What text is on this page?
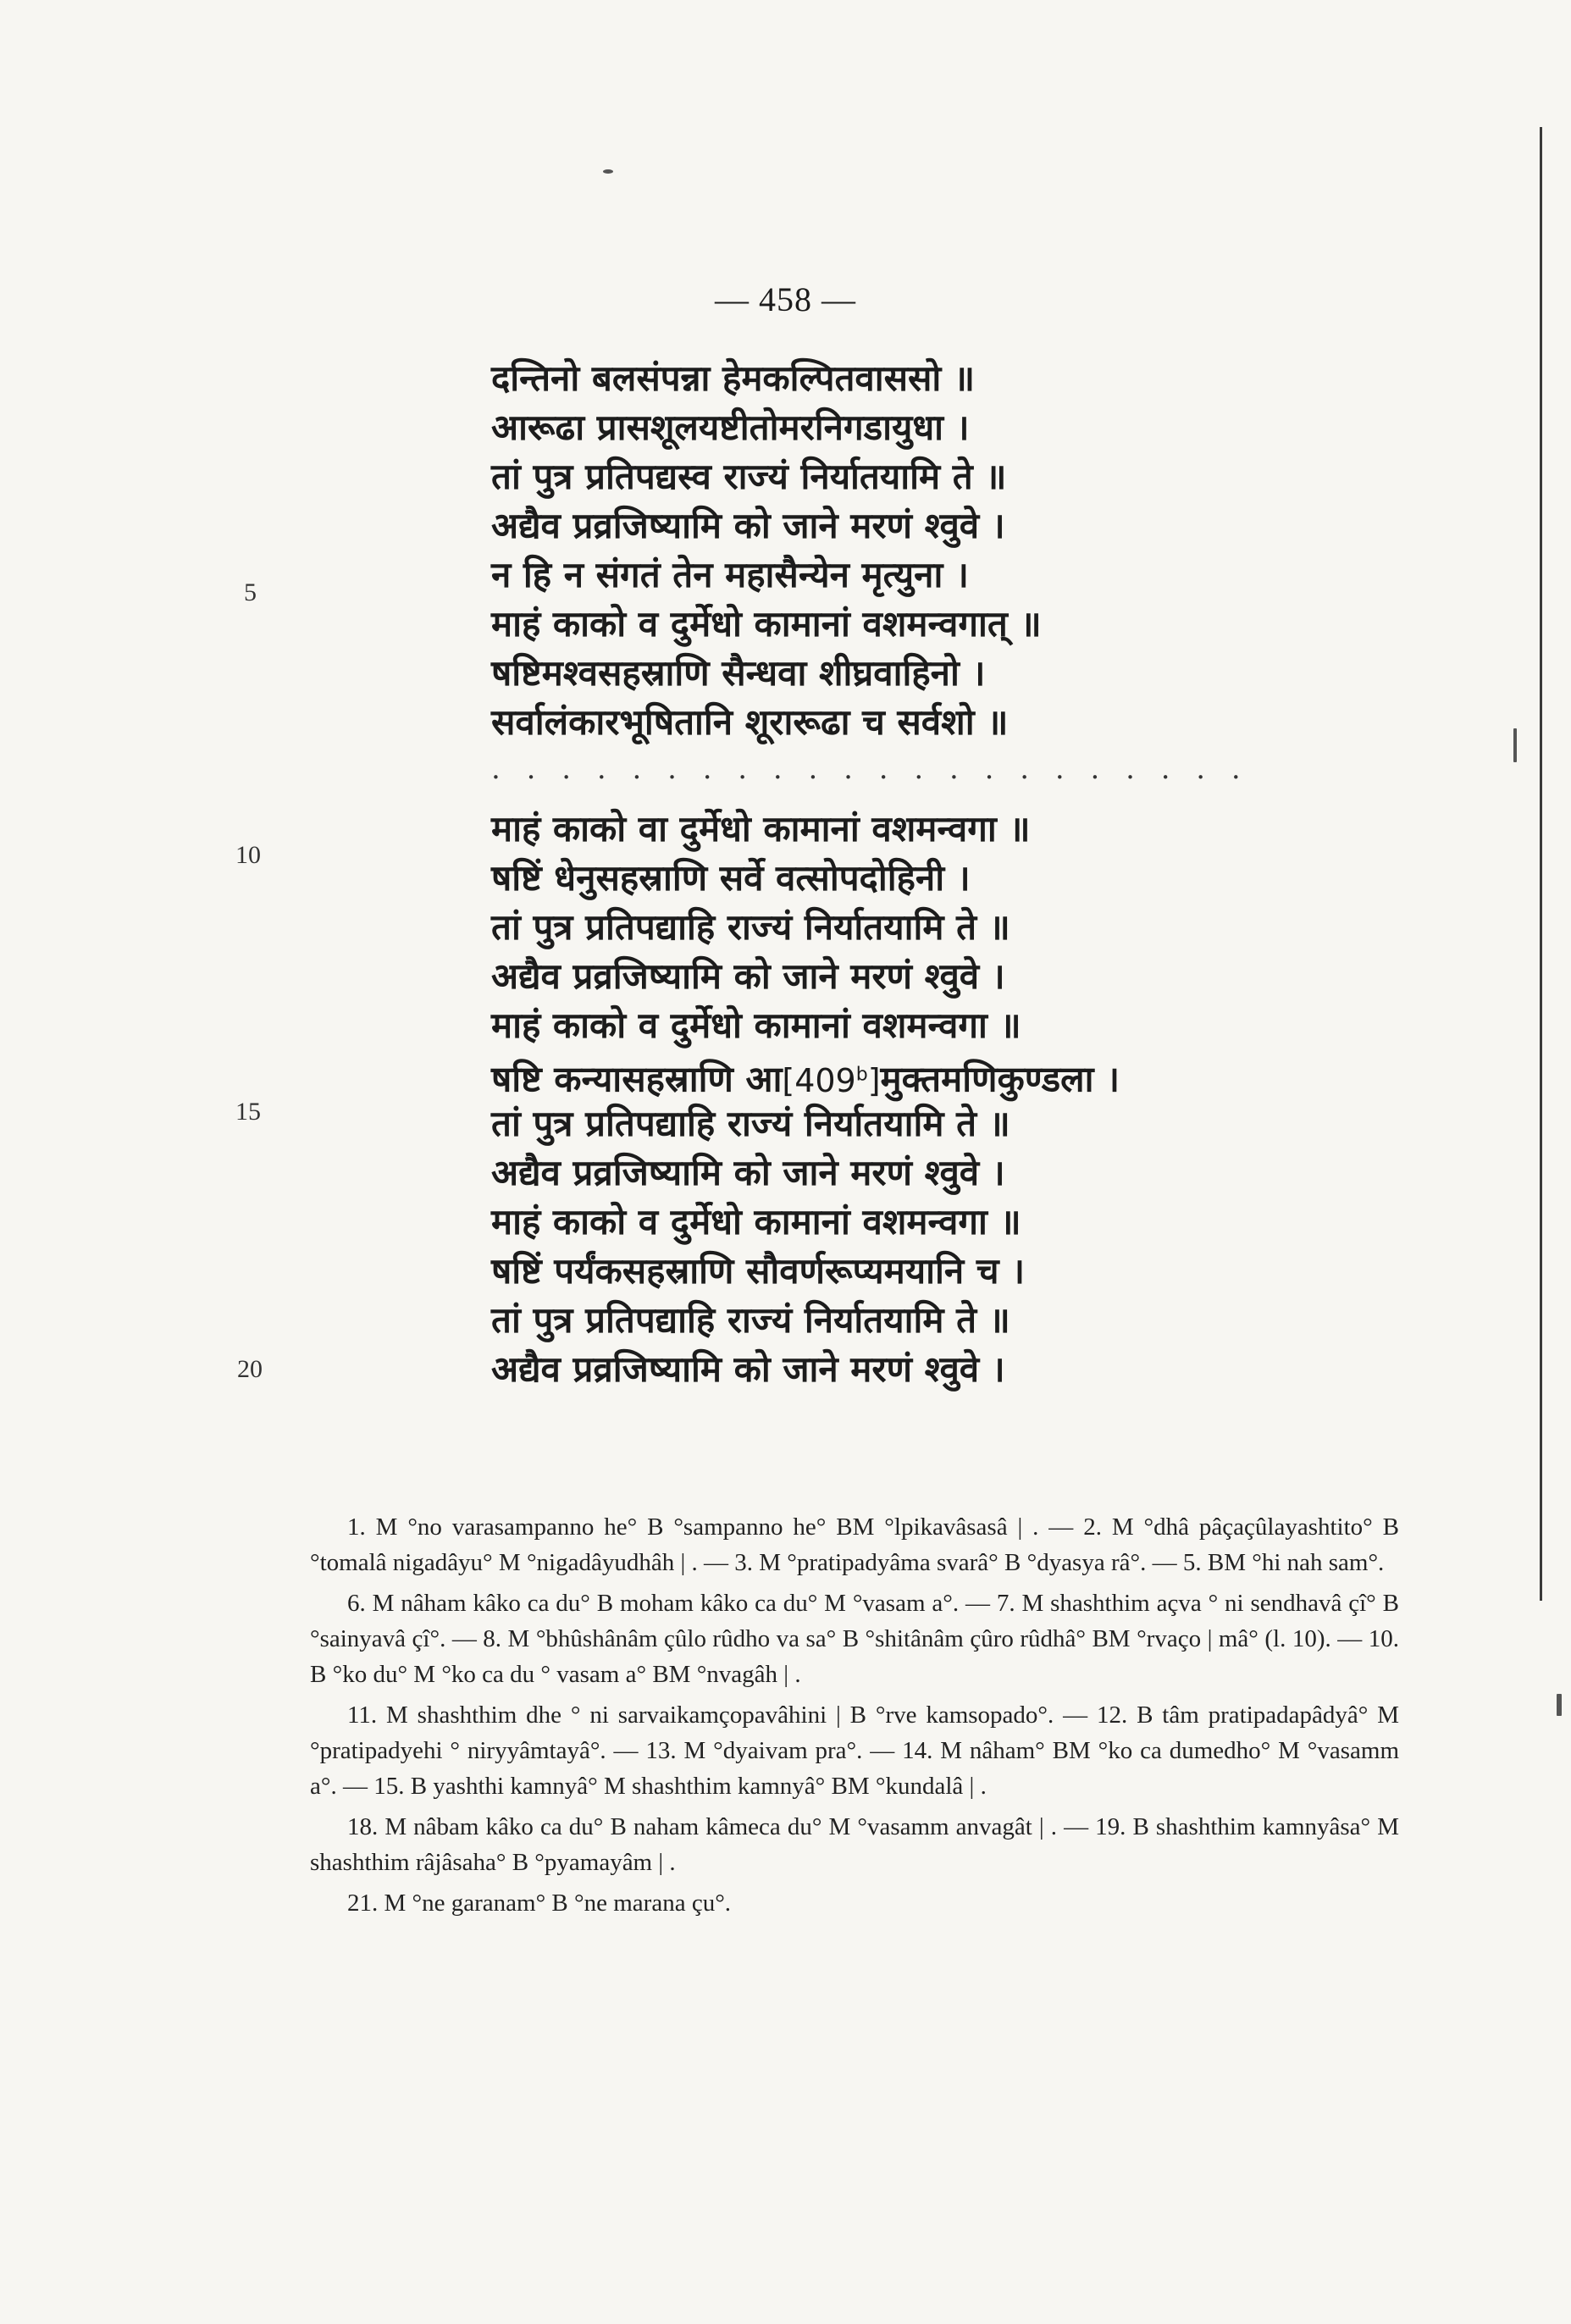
— 458 —
दन्तिनो बलसंपन्ना हेमकल्पितवाससो ॥
आरूढा प्रासशूलयष्टीतोमरनिगडायुधा ।
तां पुत्र प्रतिपद्यस्व राज्यं निर्यातयामि ते ॥
अद्यैव प्रव्रजिष्यामि को जाने मरणं श्वुवे ।
न हि न संगतं तेन महासैन्येन मृत्युना ।
माहं काको व दुर्मेधो कामानां वशमन्वगात् ॥
षष्टिमश्वसहस्राणि सैन्धवा शीघ्रवाहिनो ।
सर्वालंकारभूषितानि शूरारूढा च सर्वशो ॥
. . . . . . . . . . . . . . . . . . . . . .
माहं काको वा दुर्मेधो कामानां वशमन्वगा ॥
षष्टिं धेनुसहस्राणि सर्वे वत्सोपदोहिनी ।
तां पुत्र प्रतिपद्याहि राज्यं निर्यातयामि ते ॥
अद्यैव प्रव्रजिष्यामि को जाने मरणं श्वुवे ।
माहं काको व दुर्मेधो कामानां वशमन्वगा ॥
षष्टि कन्यासहस्राणि आ[409$^b$]मुक्तमणिकुण्डला ।
तां पुत्र प्रतिपद्याहि राज्यं निर्यातयामि ते ॥
अद्यैव प्रव्रजिष्यामि को जाने मरणं श्वुवे ।
माहं काको व दुर्मेधो कामानां वशमन्वगा ॥
षष्टिं पर्यंकसहस्राणि सौवर्णरूप्यमयानि च ।
तां पुत्र प्रतिपद्याहि राज्यं निर्यातयामि ते ॥
अद्यैव प्रव्रजिष्यामि को जाने मरणं श्वुवे ।
5
10
15
20

1. M °no varasampanno he° B °sampanno he° BM °lpikavâsasâ | . — 2. M °dhâ pâçaçûlayashtito° B °tomalâ nigadâyu° M °nigadâyudhâh | . — 3. M °pratipadyâma svarâ° B °dyasya râ°. — 5. BM °hi nah sam°.

6. M nâham kâko ca du° B moham kâko ca du° M °vasam a°. — 7. M shashthim açva ° ni sendhavâ çî° B °sainyavâ çî°. — 8. M °bhûshânâm çûlo rûdho va sa° B °shitânâm çûro rûdhâ° BM °rvaço | mâ° (l. 10). — 10. B °ko du° M °ko ca du ° vasam a° BM °nvagâh | .

11. M shashthim dhe ° ni sarvaikamçopavâhini | B °rve kamsopado°. — 12. B tâm pratipadapâdyâ° M °pratipadyehi ° niryyâmtayâ°. — 13. M °dyaivam pra°. — 14. M nâham° BM °ko ca dumedho° M °vasamm a°. — 15. B yashthi kamnyâ° M shashthim kamnyâ° BM °kundalâ | .

18. M nâbam kâko ca du° B naham kâmeca du° M °vasamm anvagât | . — 19. B shashthim kamnyâsa° M shashthim râjâsaha° B °pyamayâm | .

21. M °ne garanam° B °ne marana çu°.
